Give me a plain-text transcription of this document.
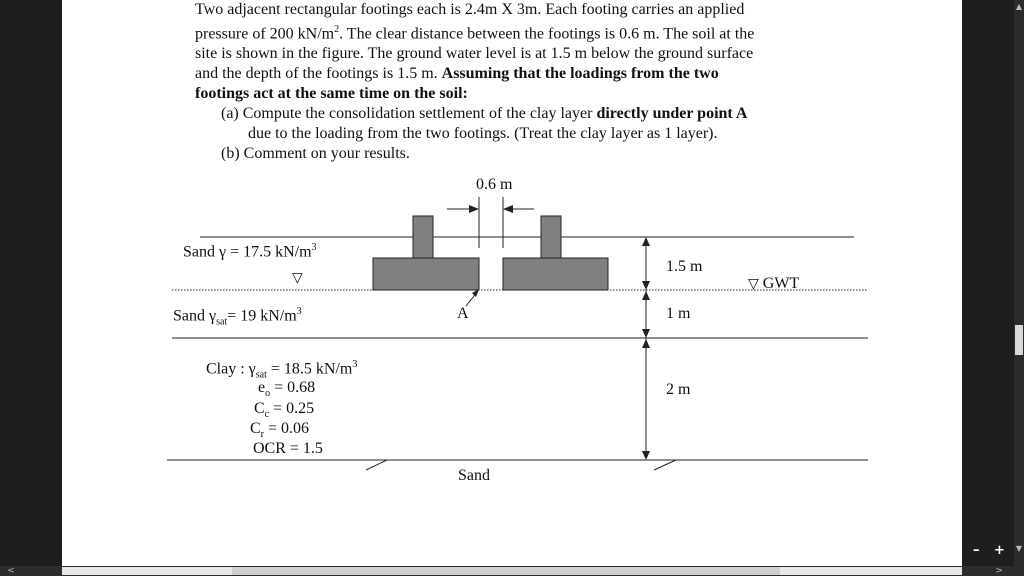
Two adjacent rectangular footings each is 2.4m X 3m. Each footing carries an applied

pressure of 200 $kN/m^2$. The clear distance between the footings is 0.6 m. The soil at the

site is shown in the figure. The ground water level is at 1.5 m below the ground surface

and the depth of the footings is 1.5 m. Assuming that the loadings from the two

footings act at the same time on the soil:

(a) Compute the consolidation settlement of the clay layer directly under point A

due to the loading from the two footings. (Treat the clay layer as 1 layer).

(b) Comment on your results.

0.6 m
Sand γ = 17.5 $kN/m^3$
▽
Sand $\gamma_{sat}= 19$ $kN/m^3$	A
1.5 m
1 m
2 m
▽ GWT
Clay : $\gamma_{sat} = 18.5$ $kN/m^3$
$e_o = 0.68$
$C_c = 0.25$
$C_r = 0.06$
OCR = 1.5
Sand
▲
▼
– +
<	>
